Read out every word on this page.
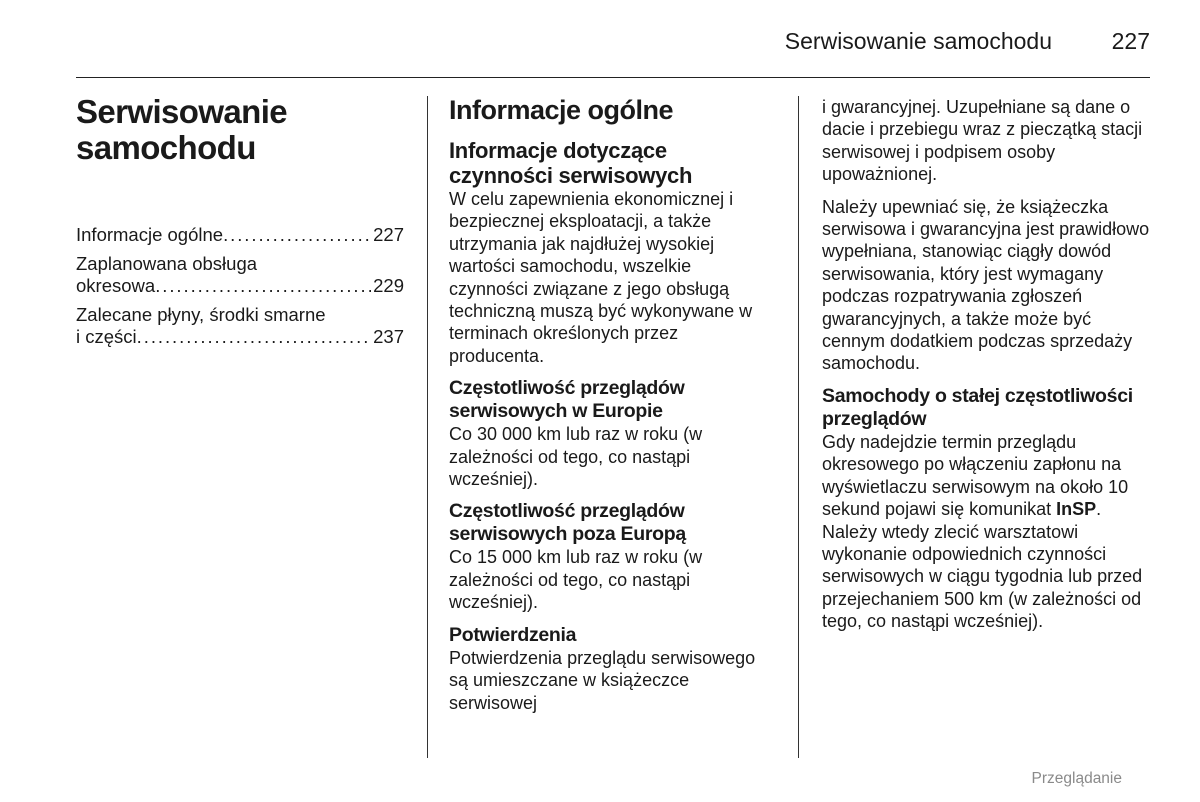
Serwisowanie samochodu	227
Serwisowanie samochodu
Informacje ogólne . . .	227
Zaplanowana obsługa
okresowa . . .	229
Zalecane płyny, środki smarne
i części . . .	237
Informacje ogólne
Informacje dotyczące czynności serwisowych

W celu zapewnienia ekonomicznej i bezpiecznej eksploatacji, a także utrzymania jak najdłużej wysokiej wartości samochodu, wszelkie czynności związane z jego obsługą techniczną muszą być wykonywane w terminach określonych przez producenta.

Częstotliwość przeglądów serwisowych w Europie

Co 30 000 km lub raz w roku (w zależności od tego, co nastąpi wcześniej).

Częstotliwość przeglądów serwisowych poza Europą

Co 15 000 km lub raz w roku (w zależności od tego, co nastąpi wcześniej).

Potwierdzenia

Potwierdzenia przeglądu serwisowego są umieszczane w książeczce serwisowej

i gwarancyjnej. Uzupełniane są dane o dacie i przebiegu wraz z pieczątką stacji serwisowej i podpisem osoby upoważnionej.

Należy upewniać się, że książeczka serwisowa i gwarancyjna jest prawidłowo wypełniana, stanowiąc ciągły dowód serwisowania, który jest wymagany podczas rozpatrywania zgłoszeń gwarancyjnych, a także może być cennym dodatkiem podczas sprzedaży samochodu.

Samochody o stałej częstotliwości przeglądów

Gdy nadejdzie termin przeglądu okresowego po włączeniu zapłonu na wyświetlaczu serwisowym na około 10 sekund pojawi się komunikat InSP. Należy wtedy zlecić warsztatowi wykonanie odpowiednich czynności serwisowych w ciągu tygodnia lub przed przejechaniem 500 km (w zależności od tego, co nastąpi wcześniej).

Przeglądanie
